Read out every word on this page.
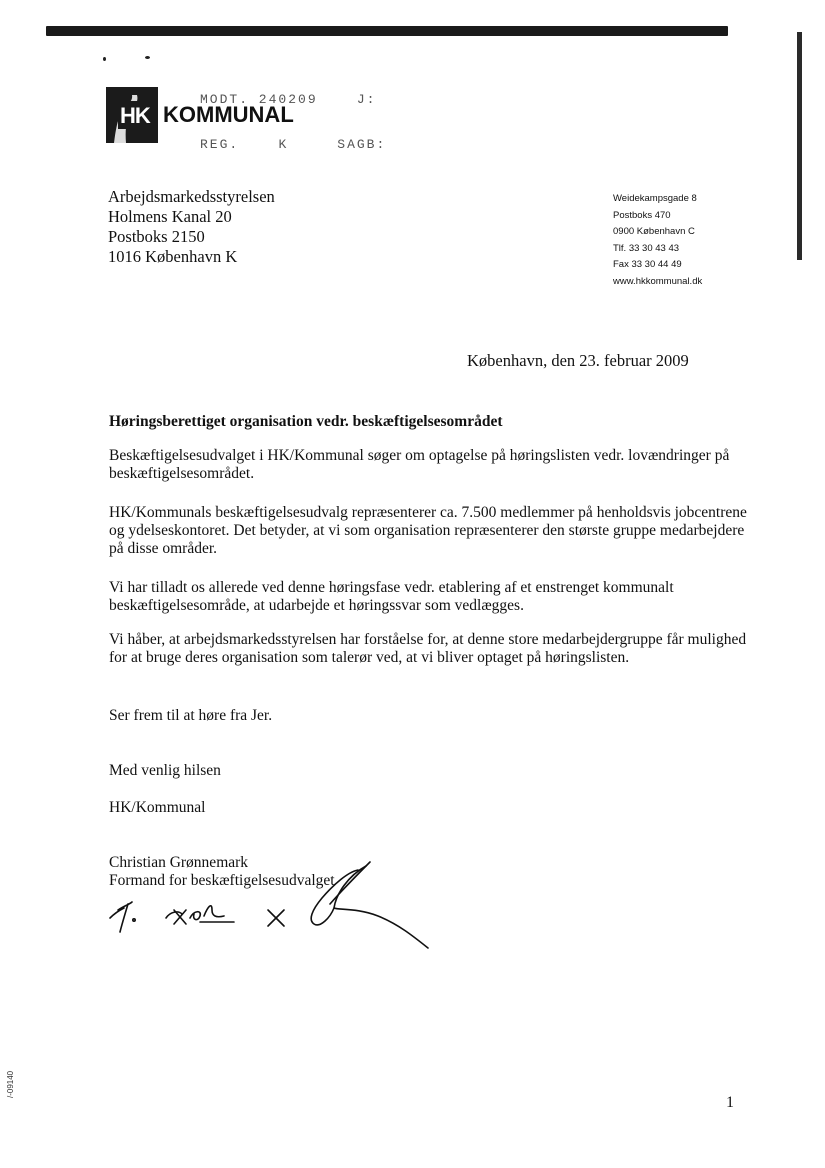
MODT. 240209	J:

REG.	K	SAGB:

HK KOMMUNAL
Arbejdsmarkedsstyrelsen
Holmens Kanal 20
Postboks 2150
1016 København K
Weidekampsgade 8
Postboks 470
0900 København C
Tlf. 33 30 43 43
Fax 33 30 44 49
www.hkkommunal.dk
København, den 23. februar 2009
Høringsberettiget organisation vedr. beskæftigelsesområdet
Beskæftigelsesudvalget i HK/Kommunal søger om optagelse på høringslisten vedr. lovændringer på beskæftigelsesområdet.
HK/Kommunals beskæftigelsesudvalg repræsenterer ca. 7.500 medlemmer på henholdsvis jobcentrene og ydelseskontoret. Det betyder, at vi som organisation repræsenterer den største gruppe medarbejdere på disse områder.
Vi har tilladt os allerede ved denne høringsfase vedr. etablering af et enstrenget kommunalt beskæftigelsesområde, at udarbejde et høringssvar som vedlægges.
Vi håber, at arbejdsmarkedsstyrelsen har forståelse for, at denne store medarbejdergruppe får mulighed for at bruge deres organisation som talerør ved, at vi bliver optaget på høringslisten.
Ser frem til at høre fra Jer.
Med venlig hilsen
HK/Kommunal
Christian Grønnemark
Formand for beskæftigelsesudvalget
1
/-09140
